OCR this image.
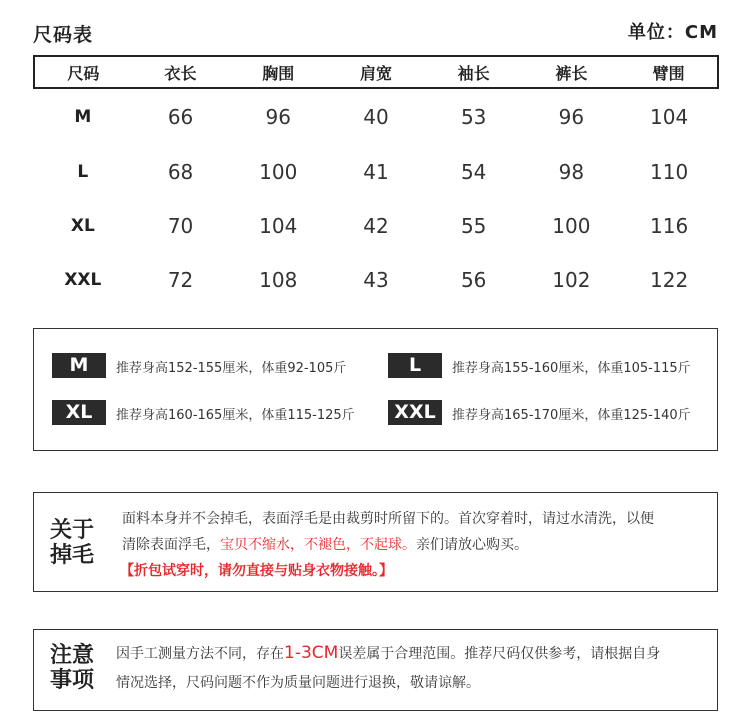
尺码表	单位：CM
尺码	衣长	胸围	肩宽	袖长	裤长	臂围
M	66	96	40	53	96	104
L	68	100	41	54	98	110
XL	70	104	42	55	100	116
XXL	72	108	43	56	102	122
M	推荐身高152-155厘米，体重92-105斤	L	推荐身高155-160厘米，体重105-115斤
XL	推荐身高160-165厘米，体重115-125斤	XXL	推荐身高165-170厘米，体重125-140斤
关于
掉毛
面料本身并不会掉毛，表面浮毛是由裁剪时所留下的。首次穿着时，请过水清洗，以便
清除表面浮毛，宝贝不缩水，不褪色，不起球。亲们请放心购买。
【折包试穿时，请勿直接与贴身衣物接触。】
注意
事项
因手工测量方法不同，存在1-3CM误差属于合理范围。推荐尺码仅供参考，请根据自身
情况选择，尺码问题不作为质量问题进行退换，敬请谅解。
